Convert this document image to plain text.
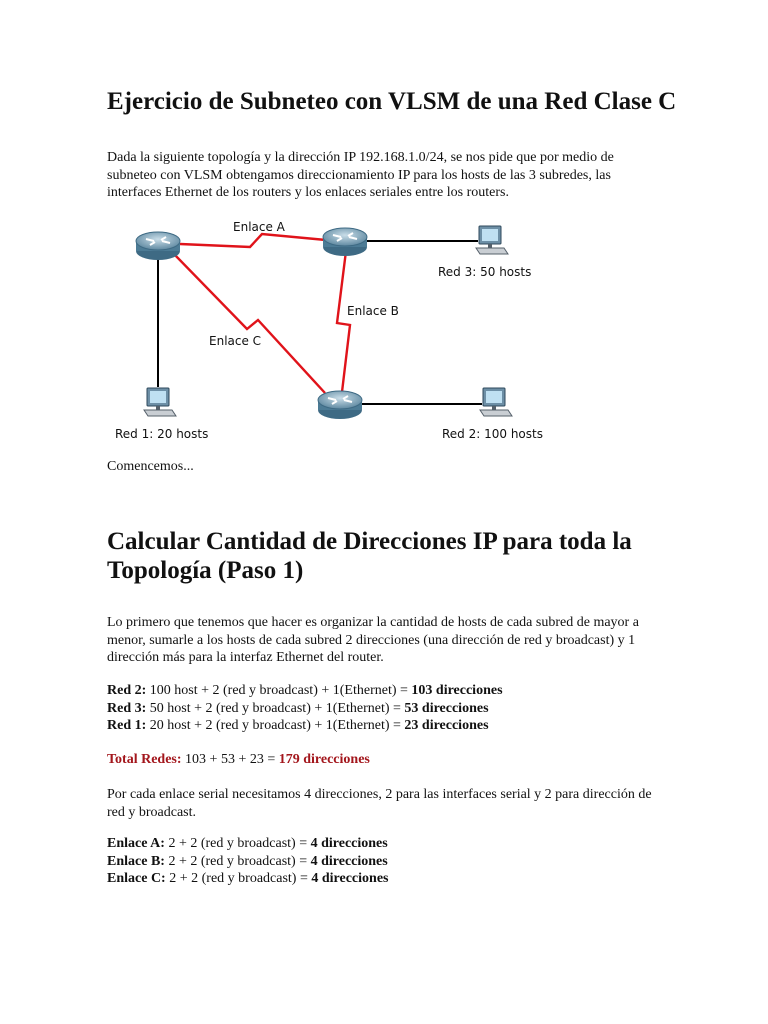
Ejercicio de Subneteo con VLSM de una Red Clase C

Dada la siguiente topología y la dirección IP 192.168.1.0/24, se nos pide que por medio de subneteo con VLSM obtengamos direccionamiento IP para los hosts de las 3 subredes, las interfaces Ethernet de los routers y los enlaces seriales entre los routers.

Enlace A
Enlace B
Enlace C
Red 3: 50 hosts
Red 1: 20 hosts	Red 2: 100 hosts

Comencemos...

Calcular Cantidad de Direcciones IP para toda la Topología (Paso 1)

Lo primero que tenemos que hacer es organizar la cantidad de hosts de cada subred de mayor a menor, sumarle a los hosts de cada subred 2 direcciones (una dirección de red y broadcast) y 1 dirección más para la interfaz Ethernet del router.

Red 2: 100 host + 2 (red y broadcast) + 1(Ethernet) = 103 direcciones
Red 3: 50 host + 2 (red y broadcast) + 1(Ethernet) = 53 direcciones
Red 1: 20 host + 2 (red y broadcast) + 1(Ethernet) = 23 direcciones
Total Redes: 103 + 53 + 23 = 179 direcciones

Por cada enlace serial necesitamos 4 direcciones, 2 para las interfaces serial y 2 para dirección de red y broadcast.

Enlace A: 2 + 2 (red y broadcast) = 4 direcciones
Enlace B: 2 + 2 (red y broadcast) = 4 direcciones
Enlace C: 2 + 2 (red y broadcast) = 4 direcciones
